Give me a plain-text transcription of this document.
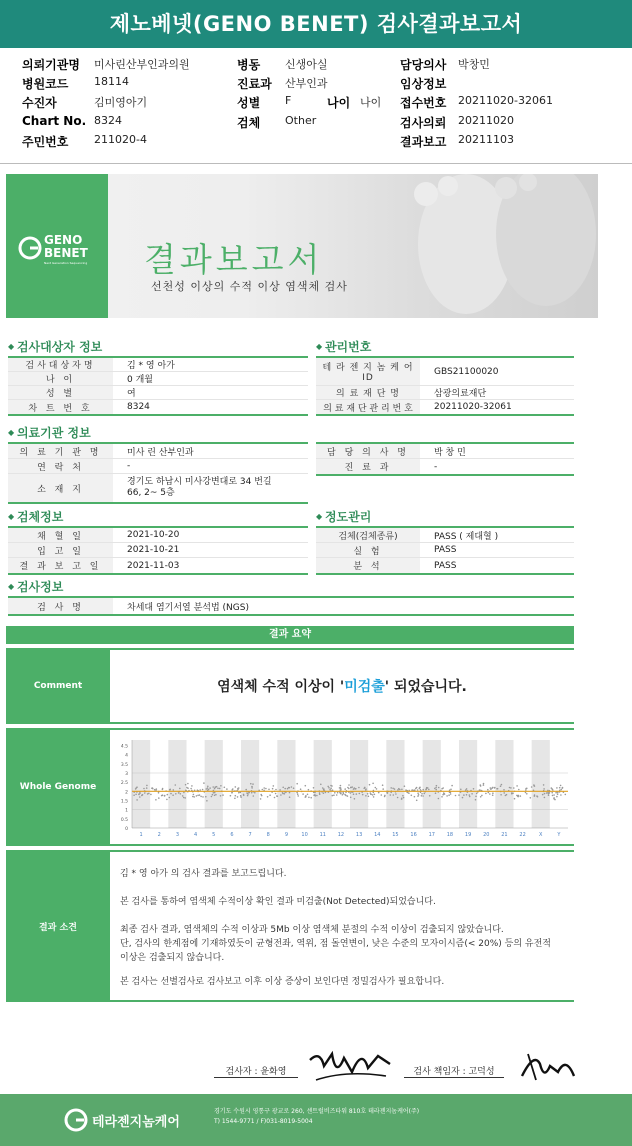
제노베넷(GENO BENET) 검사결과보고서
의뢰기관명 미사린산부인과의원	병동 신생아실	담당의사 박창민
병원코드 18114	진료과 산부인과	임상정보
수진자	김미영아기	성별 F	나이 나이 접수번호 20211020-32061
Chart No. 8324	검체 Other	검사의뢰 20211020
주민번호 211020-4	결과보고 20211103
GENO
BENET
Next Generation Sequencing	결과보고서
선천성 이상의 수적 이상 염색체 검사
◆ 검사대상자 정보
검사대상자명	김 * 영 아가
나 이	0 개월
성 별	여
차 트 번 호	8324
◆ 관리번호
테 라 젠 지 놈 케 어 ID
GBS21100020
의 료 재 단 명	삼광의료재단
의 료 재 단 관 리 번 호	20211020-32061
◆ 의료기관 정보
의 료 기 관 명	미사 린 산부인과
연 락 처	-
소 재 지
경기도 하남시 미사강변대로 34 번길 66, 2~ 5층
담 당 의 사 명	박 창 민
진 료 과	-
◆ 검체정보
채 혈 일	2021-10-20
입 고 일	2021-10-21
결 과 보 고 일	2021-11-03
◆ 정도관리
검체(검체종류)	PASS ( 제대혈 )
실 험	PASS
분 석	PASS
◆ 검사정보
검 사 명	차세대 염기서열 분석법 (NGS)
결과 요약
Comment	염색체 수적 이상이 ' 미검출 ' 되었습니다.
Whole Genome
4.5
4
3.5
3
2.5
2
1.5
1
0.5
0
1	2	3	4	5	6	7	8	9	10 11 12 13 14 15 16 17 18 19 20 21 22	X	Y
결과 소견
김 * 영 아가 의 검사 결과를 보고드립니다.
본 검사를 통하여 염색체 수적이상 확인 결과 미검출(Not Detected)되었습니다.
최종 검사 결과, 염색체의 수적 이상과 5Mb 이상 염색체 분절의 수적 이상이 검출되지 않았습니다.
단, 검사의 한계점에 기재하였듯이 균형전좌, 역위, 점 돌연변이, 낮은 수준의 모자이시즘(< 20%) 등의 유전적
이상은 검출되지 않습니다.
본 검사는 선별검사로 검사보고 이후 이상 증상이 보인다면 정밀검사가 필요합니다.
검사자 : 윤화영	검사 책임자 : 고덕성
테라젠지놈케어
경기도 수원시 영통구 광교로 260, 센트럴비즈타워 810호 테라젠지놈케어(주)
T) 1544-9771 / F)031-8019-5004
